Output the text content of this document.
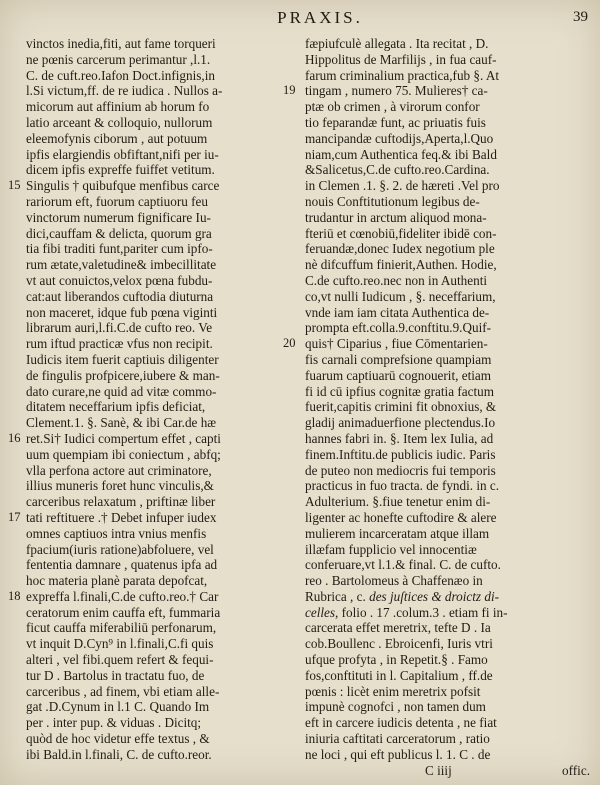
PRAXIS.	39
vinctos inedia,fiti, aut fame torqueri
ne pœnis carcerum perimantur ,l.1.
C. de cuft.reo.Iafon Doct.infignis,in
l.Si victum,ff. de re iudica . Nullos a-
micorum aut affinium ab horum fo
latio arceant & colloquio, nullorum
eleemofynis ciborum , aut potuum
ipfis elargiendis obfiftant,nifi per iu-
dicem ipfis expreffe fuiffet vetitum.
15 Singulis † quibufque menfibus carce
rariorum eft, fuorum captiuoru feu
vinctorum numerum fignificare Iu-
dici,cauffam & delicta, quorum gra
tia fibi traditi funt,pariter cum ipfo-
rum ætate,valetudine& imbecillitate
vt aut conuictos,velox pœna fubdu-
cat:aut liberandos cuftodia diuturna
non maceret, idque fub pœna viginti
librarum auri,l.fi.C.de cufto reo. Ve
rum iftud practicæ vfus non recipit.
Iudicis item fuerit captiuis diligenter
de fingulis profpicere,iubere & man-
dato curare,ne quid ad vitæ commo-
ditatem neceffarium ipfis deficiat,
Clement.1. §. Sanè, & ibi Car.de hæ
16 ret.Si† Iudici compertum effet , capti
uum quempiam ibi coniectum , abfq;
vlla perfona actore aut criminatore,
illius muneris foret hunc vinculis,&
carceribus relaxatum , priftinæ liber
17 tati reftituere .† Debet infuper iudex
omnes captiuos intra vnius menfis
fpacium(iuris ratione)abfoluere, vel
fententia damnare , quatenus ipfa ad
hoc materia planè parata depofcat,
18 expreffa l.finali,C.de cufto.reo.† Car
ceratorum enim cauffa eft, fummaria
ficut cauffa miferabiliū perfonarum,
vt inquit D.Cyn⁹ in l.finali,C.fi quis
alteri , vel fibi.quem refert & fequi-
tur D . Bartolus in tractatu fuo, de
carceribus , ad finem, vbi etiam alle-
gat .D.Cynum in l.1 C. Quando Im
per . inter pup. & viduas . Dicitq;
quòd de hoc videtur effe textus , &
ibi Bald.in l.finali, C. de cufto.reor.
fæpiufculè allegata . Ita recitat , D.
Hippolitus de Marfilijs , in fua cauf-
farum criminalium practica,fub §. At
19 tingam , numero 75. Mulieres† ca-
ptæ ob crimen , à virorum confor
tio feparandæ funt, ac priuatis fuis
mancipandæ cuftodijs,Aperta,l.Quo
niam,cum Authentica feq.& ibi Bald
&Salicetus,C.de cufto.reo.Cardina.
in Clemen .1. §. 2. de hæreti .Vel pro
nouis Conftitutionum legibus de-
trudantur in arctum aliquod mona-
fteriū et cœnobiū,fideliter ibidē con-
feruandæ,donec Iudex negotium ple
nè difcuffum finierit,Authen. Hodie,
C.de cufto.reo.nec non in Authenti
co,vt nulli Iudicum , §. neceffarium,
vnde iam iam citata Authentica de-
prompta eft.colla.9.conftitu.9.Quif-
20 quis† Ciparius , fiue Cōmentarien-
fis carnali comprefsione quampiam
fuarum captiuarū cognouerit, etiam
fi id cū ipfius cognitæ gratia factum
fuerit,capitis crimini fit obnoxius, &
gladij animaduerfione plectendus.Io
hannes fabri in. §. Item lex Iulia, ad
finem.Inftitu.de publicis iudic. Paris
de puteo non mediocris fui temporis
practicus in fuo tracta. de fyndi. in c.
Adulterium. §.fiue tenetur enim di-
ligenter ac honefte cuftodire & alere
mulierem incarceratam atque illam
illæfam fupplicio vel innocentiæ
conferuare,vt l.1.& final. C. de cufto.
reo . Bartolomeus à Chaffenæo in
Rubrica , c. des juſtices & droictz di-
celles, folio . 17 .colum.3 . etiam fi in-
carcerata effet meretrix, tefte D . Ia
cob.Boullenc . Ebroicenfi, Iuris vtri
ufque profyta , in Repetit.§ . Famo
fos,conftituti in l. Capitalium , ff.de
pœnis : licèt enim meretrix pofsit
impunè cognofci , non tamen dum
eft in carcere iudicis detenta , ne fiat
iniuria caftitati carceratorum , ratio
ne loci , qui eft publicus l. 1. C . de
C iiij	offic.
